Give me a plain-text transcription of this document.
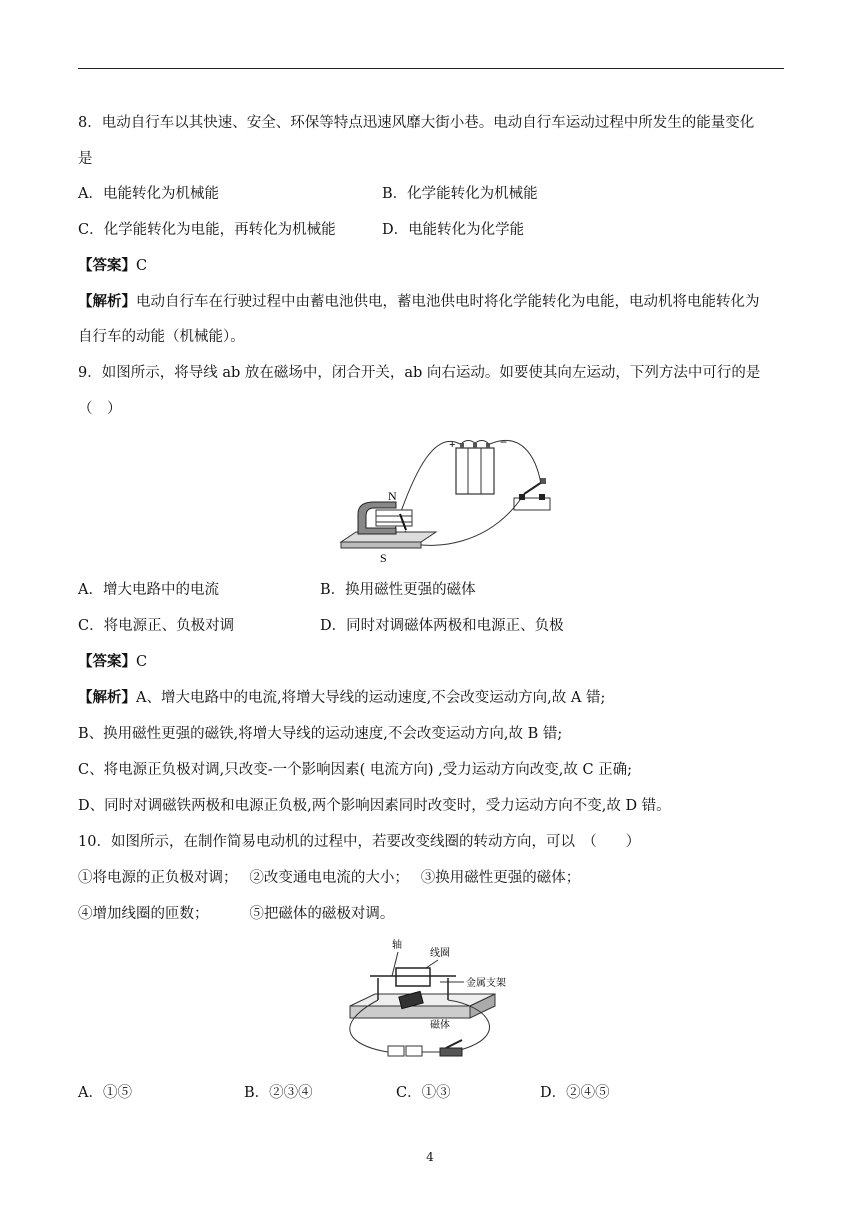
8．电动自行车以其快速、安全、环保等特点迅速风靡大街小巷。电动自行车运动过程中所发生的能量变化
是
A．电能转化为机械能	B．化学能转化为机械能
C．化学能转化为电能，再转化为机械能	D．电能转化为化学能
【答案】C
【解析】电动自行车在行驶过程中由蓄电池供电，蓄电池供电时将化学能转化为电能，电动机将电能转化为
自行车的动能（机械能）。
9．如图所示，将导线 ab 放在磁场中，闭合开关，ab 向右运动。如要使其向左运动，下列方法中可行的是
（　）
+	−
N
S
A．增大电路中的电流	B．换用磁性更强的磁体
C．将电源正、负极对调	D．同时对调磁体两极和电源正、负极
【答案】C
【解析】A、增大电路中的电流,将增大导线的运动速度,不会改变运动方向,故 A 错;
B、换用磁性更强的磁铁,将增大导线的运动速度,不会改变运动方向,故 B 错;
C、将电源正负极对调,只改变-一个影响因素( 电流方向) ,受力运动方向改变,故 C 正确;
D、同时对调磁铁两极和电源正负极,两个影响因素同时改变时，受力运动方向不变,故 D 错。
10．如图所示，在制作简易电动机的过程中，若要改变线圈的转动方向，可以　（　　）
①将电源的正负极对调；　 ②改变通电电流的大小；　 ③换用磁性更强的磁体；
④增加线圈的匝数；　　　 ⑤把磁体的磁极对调。
轴
线圈
金属支架
磁体
A．①⑤	B．②③④	C．①③	D．②④⑤
4
